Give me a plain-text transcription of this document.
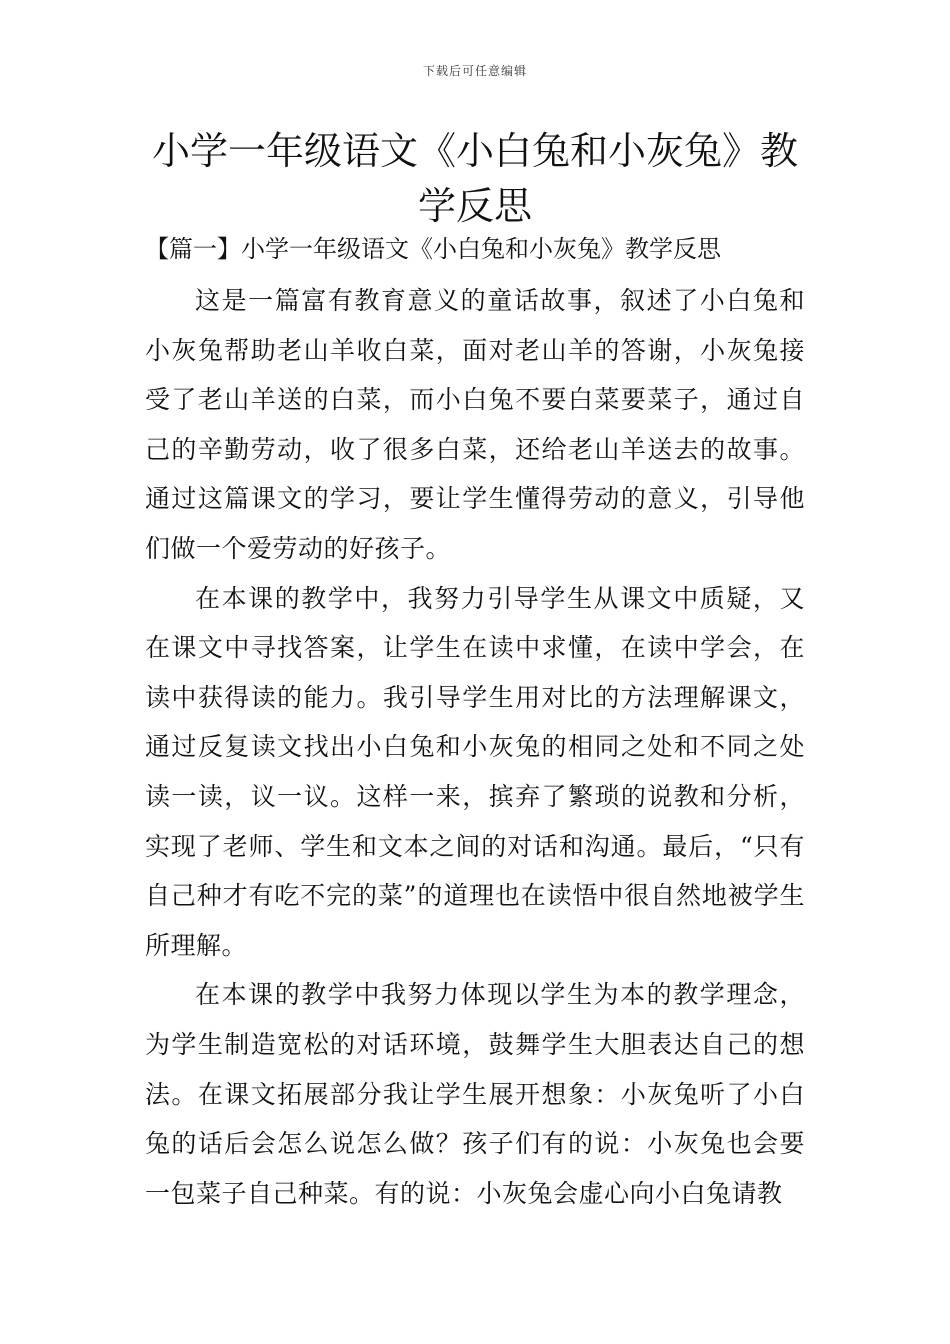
下载后可任意编辑
小学一年级语文《小白兔和小灰兔》教学反思
【篇一】小学一年级语文《小白兔和小灰兔》教学反思

这是一篇富有教育意义的童话故事，叙述了小白兔和小灰兔帮助老山羊收白菜，面对老山羊的答谢，小灰兔接受了老山羊送的白菜，而小白兔不要白菜要菜子，通过自己的辛勤劳动，收了很多白菜，还给老山羊送去的故事。通过这篇课文的学习，要让学生懂得劳动的意义，引导他们做一个爱劳动的好孩子。

在本课的教学中，我努力引导学生从课文中质疑，又在课文中寻找答案，让学生在读中求懂，在读中学会，在读中获得读的能力。我引导学生用对比的方法理解课文，通过反复读文找出小白兔和小灰兔的相同之处和不同之处读一读，议一议。这样一来，摈弃了繁琐的说教和分析，实现了老师、学生和文本之间的对话和沟通。最后，“只有自己种才有吃不完的菜”的道理也在读悟中很自然地被学生所理解。

在本课的教学中我努力体现以学生为本的教学理念，为学生制造宽松的对话环境，鼓舞学生大胆表达自己的想法。在课文拓展部分我让学生展开想象：小灰兔听了小白兔的话后会怎么说怎么做？孩子们有的说：小灰兔也会要一包菜子自己种菜。有的说：小灰兔会虚心向小白兔请教
